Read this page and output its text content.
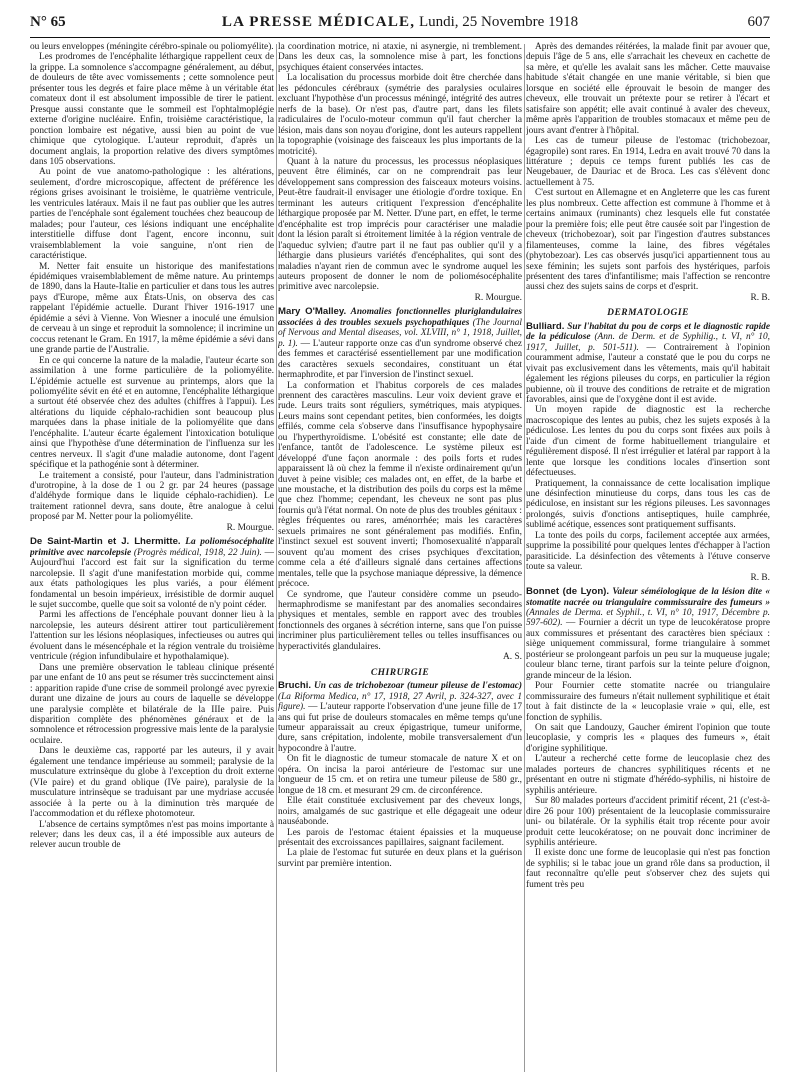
N° 65	LA PRESSE MÉDICALE, Lundi, 25 Novembre 1918	607

ou leurs enveloppes (méningite cérébro-spinale ou poliomyélite).

Les prodromes de l'encéphalite léthargique rappellent ceux de la grippe. La somnolence s'accompagne généralement, au début, de douleurs de tête avec vomissements ; cette somnolence peut présenter tous les degrés et faire place même à un véritable état comateux dont il est absolument impossible de tirer le patient. Presque aussi constante que le sommeil est l'ophtalmoplégie externe d'origine nucléaire. Enfin, troisième caractéristique, la ponction lombaire est négative, aussi bien au point de vue chimique que cytologique. L'auteur reproduit, d'après un document anglais, la proportion relative des divers symptômes dans 105 observations.

Au point de vue anatomo-pathologique : les altérations, seulement, d'ordre microscopique, affectent de préférence les régions grises avoisinant le troisième, le quatrième ventricule, les ventricules latéraux. Mais il ne faut pas oublier que les autres parties de l'encéphale sont également touchées chez beaucoup de malades; pour l'auteur, ces lésions indiquant une encéphalite interstitielle diffuse dont l'agent, encore inconnu, suit vraisemblablement la voie sanguine, n'ont rien de caractéristique.

M. Netter fait ensuite un historique des manifestations épidémiques vraisemblablement de même nature. Au printemps de 1890, dans la Haute-Italie en particulier et dans tous les autres pays d'Europe, même aux États-Unis, on observa des cas rappelant l'épidémie actuelle. Durant l'hiver 1916-1917 une épidémie a sévi à Vienne. Von Wiesner a inoculé une émulsion de cerveau à un singe et reproduit la somnolence; il incrimine un coccus retenant le Gram. En 1917, la même épidémie a sévi dans une grande partie de l'Australie.

En ce qui concerne la nature de la maladie, l'auteur écarte son assimilation à une forme particulière de la poliomyélite. L'épidémie actuelle est survenue au printemps, alors que la poliomyélite sévit en été et en automne, l'encéphalite léthargique a surtout été observée chez des adultes (chiffres à l'appui). Les altérations du liquide céphalo-rachidien sont beaucoup plus marquées dans la phase initiale de la poliomyélite que dans l'encéphalite. L'auteur écarte également l'intoxication botulique ainsi que l'hypothèse d'une détermination de l'influenza sur les centres nerveux. Il s'agit d'une maladie autonome, dont l'agent spécifique et la pathogénie sont à déterminer.

Le traitement a consisté, pour l'auteur, dans l'administration d'urotropine, à la dose de 1 ou 2 gr. par 24 heures (passage d'aldéhyde formique dans le liquide céphalo-rachidien). Le traitement rationnel devra, sans doute, être analogue à celui proposé par M. Netter pour la poliomyélite.

R. Mourgue.

De Saint-Martin et J. Lhermitte. La poliomésocéphalite primitive avec narcolepsie (Progrès médical, 1918, 22 Juin). — Aujourd'hui l'accord est fait sur la signification du terme narcolepsie. Il s'agit d'une manifestation morbide qui, comme aux états pathologiques les plus variés, a pour élément fondamental un besoin impérieux, irrésistible de dormir auquel le sujet succombe, quelle que soit sa volonté de n'y point céder.

Parmi les affections de l'encéphale pouvant donner lieu à la narcolepsie, les auteurs désirent attirer tout particulièrement l'attention sur les lésions néoplasiques, infectieuses ou autres qui évoluent dans le mésencéphale et la région ventrale du troisième ventricule (région infundibulaire et hypothalamique).

Dans une première observation le tableau clinique présenté par une enfant de 10 ans peut se résumer très succinctement ainsi : apparition rapide d'une crise de sommeil prolongé avec pyrexie durant une dizaine de jours au cours de laquelle se développe une paralysie complète et bilatérale de la IIIe paire. Puis disparition complète des phénomènes généraux et de la somnolence et rétrocession progressive mais lente de la paralysie oculaire.

Dans le deuxième cas, rapporté par les auteurs, il y avait également une tendance impérieuse au sommeil; paralysie de la musculature extrinsèque du globe à l'exception du droit externe (VIe paire) et du grand oblique (IVe paire), paralysie de la musculature intrinsèque se traduisant par une mydriase accusée associée à la perte ou à la diminution très marquée de l'accommodation et du réflexe photomoteur.

L'absence de certains symptômes n'est pas moins importante à relever; dans les deux cas, il a été impossible aux auteurs de relever aucun trouble de

la coordination motrice, ni ataxie, ni asynergie, ni tremblement. Dans les deux cas, la somnolence mise à part, les fonctions psychiques étaient conservées intactes.

La localisation du processus morbide doit être cherchée dans les pédoncules cérébraux (symétrie des paralysies oculaires excluant l'hypothèse d'un processus méningé, intégrité des autres nerfs de la base). Or n'est pas, d'autre part, dans les filets radiculaires de l'oculo-moteur commun qu'il faut chercher la lésion, mais dans son noyau d'origine, dont les auteurs rappellent la topographie (voisinage des faisceaux les plus importants de la motricité).

Quant à la nature du processus, les processus néoplasiques peuvent être éliminés, car on ne comprendrait pas leur développement sans compression des faisceaux moteurs voisins. Peut-être faudrait-il envisager une étiologie d'ordre toxique. En terminant les auteurs critiquent l'expression d'encéphalite léthargique proposée par M. Netter. D'une part, en effet, le terme d'encéphalite est trop imprécis pour caractériser une maladie dont la lésion paraît si étroitement limitée à la région ventrale de l'aqueduc sylvien; d'autre part il ne faut pas oublier qu'il y a léthargie dans plusieurs variétés d'encéphalites, qui sont des maladies n'ayant rien de commun avec le syndrome auquel les auteurs proposent de donner le nom de poliomésocéphalite primitive avec narcolepsie.

R. Mourgue.

Mary O'Malley. Anomalies fonctionnelles pluriglandulaires associées à des troubles sexuels psychopathiques (The Journal of Nervous and Mental diseases, vol. XLVIII, n° 1, 1918, Juillet, p. 1). — L'auteur rapporte onze cas d'un syndrome observé chez des femmes et caractérisé essentiellement par une modification des caractères sexuels secondaires, constituant un état hermaphrodite, et par l'inversion de l'instinct sexuel.

La conformation et l'habitus corporels de ces malades prennent des caractères masculins. Leur voix devient grave et rude. Leurs traits sont réguliers, symétriques, mais atypiques. Leurs mains sont cependant petites, bien conformées, les doigts effilés, comme cela s'observe dans l'insuffisance hypophysaire ou l'hyperthyroïdisme. L'obésité est constante; elle date de l'enfance, tantôt de l'adolescence. Le système pileux est développé d'une façon anormale : des poils forts et rudes apparaissent là où chez la femme il n'existe ordinairement qu'un duvet à peine visible; ces malades ont, en effet, de la barbe et une moustache, et la distribution des poils du corps est la même que chez l'homme; cependant, les cheveux ne sont pas plus fournis qu'à l'état normal. On note de plus des troubles génitaux : règles fréquentes ou rares, aménorrhée; mais les caractères sexuels primaires ne sont généralement pas modifiés. Enfin, l'instinct sexuel est souvent inverti; l'homosexualité n'apparaît souvent qu'au moment des crises psychiques d'excitation, comme cela a été d'ailleurs signalé dans certaines affections mentales, telle que la psychose maniaque dépressive, la démence précoce.

Ce syndrome, que l'auteur considère comme un pseudo-hermaphrodisme se manifestant par des anomalies secondaires physiques et mentales, semble en rapport avec des troubles fonctionnels des organes à sécrétion interne, sans que l'on puisse incriminer plus particulièrement telles ou telles insuffisances ou hyperactivités glandulaires.

A. S.
CHIRURGIE

Bruchi. Un cas de trichobezoar (tumeur pileuse de l'estomac) (La Riforma Medica, n° 17, 1918, 27 Avril, p. 324-327, avec 1 figure). — L'auteur rapporte l'observation d'une jeune fille de 17 ans qui fut prise de douleurs stomacales en même temps qu'une tumeur apparaissait au creux épigastrique, tumeur uniforme, dure, sans crépitation, indolente, mobile transversalement d'un hypocondre à l'autre.

On fit le diagnostic de tumeur stomacale de nature X et on opéra. On incisa la paroi antérieure de l'estomac sur une longueur de 15 cm. et on retira une tumeur pileuse de 580 gr., longue de 18 cm. et mesurant 29 cm. de circonférence.

Elle était constituée exclusivement par des cheveux longs, noirs, amalgamés de suc gastrique et elle dégageait une odeur nauséabonde.

Les parois de l'estomac étaient épaissies et la muqueuse présentait des excroissances papillaires, saignant facilement.

La plaie de l'estomac fut suturée en deux plans et la guérison survint par première intention.

Après des demandes réitérées, la malade finit par avouer que, depuis l'âge de 5 ans, elle s'arrachait les cheveux en cachette de sa mère, et qu'elle les avalait sans les mâcher. Cette mauvaise habitude s'était changée en une manie véritable, si bien que lorsque en société elle éprouvait le besoin de manger des cheveux, elle trouvait un prétexte pour se retirer à l'écart et satisfaire son appétit; elle avait continué à avaler des cheveux, même après l'apparition de troubles stomacaux et même peu de jours avant d'entrer à l'hôpital.

Les cas de tumeur pileuse de l'estomac (trichobezoar, égagropile) sont rares. En 1914, Ledra en avait trouvé 70 dans la littérature ; depuis ce temps furent publiés les cas de Neugebauer, de Dauriac et de Broca. Les cas s'élèvent donc actuellement à 75.

C'est surtout en Allemagne et en Angleterre que les cas furent les plus nombreux. Cette affection est commune à l'homme et à certains animaux (ruminants) chez lesquels elle fut constatée pour la première fois; elle peut être causée soit par l'ingestion de cheveux (trichobezoar), soit par l'ingestion d'autres substances filamenteuses, comme la laine, des fibres végétales (phytobezoar). Les cas observés jusqu'ici appartiennent tous au sexe féminin; les sujets sont parfois des hystériques, parfois présentent des tares d'infantilisme; mais l'affection se rencontre aussi chez des sujets sains de corps et d'esprit.

R. B.
DERMATOLOGIE

Bulliard. Sur l'habitat du pou de corps et le diagnostic rapide de la pédiculose (Ann. de Derm. et de Syphilig., t. VI, n° 10, 1917, Juillet, p. 501-511). — Contrairement à l'opinion couramment admise, l'auteur a constaté que le pou du corps ne vivait pas exclusivement dans les vêtements, mais qu'il habitait également les régions pileuses du corps, en particulier la région pubienne, où il trouve des conditions de retraite et de migration favorables, ainsi que de l'oxygène dont il est avide.

Un moyen rapide de diagnostic est la recherche macroscopique des lentes au pubis, chez les sujets exposés à la pédiculose. Les lentes du pou du corps sont fixées aux poils à l'aide d'un ciment de forme habituellement triangulaire et régulièrement disposé. Il n'est irrégulier et latéral par rapport à la lente que lorsque les conditions locales d'insertion sont défectueuses.

Pratiquement, la connaissance de cette localisation implique une désinfection minutieuse du corps, dans tous les cas de pédiculose, en insistant sur les régions pileuses. Les savonnages prolongés, suivis d'onctions antiseptiques, huile camphrée, sublimé acétique, essences sont pratiquement suffisants.

La tonte des poils du corps, facilement acceptée aux armées, supprime la possibilité pour quelques lentes d'échapper à l'action parasiticide. La désinfection des vêtements à l'étuve conserve toute sa valeur.

R. B.

Bonnet (de Lyon). Valeur séméiologique de la lésion dite « stomatite nacrée ou triangulaire commissuraire des fumeurs » (Annales de Derma. et Syphil., t. VI, n° 10, 1917, Décembre p. 597-602). — Fournier a décrit un type de leucokératose propre aux commissures et présentant des caractères bien spéciaux : siège uniquement commissural, forme triangulaire à sommet postérieur se prolongeant parfois un peu sur la muqueuse jugale; couleur blanc terne, tirant parfois sur la teinte pelure d'oignon, grande minceur de la lésion.

Pour Fournier cette stomatite nacrée ou triangulaire commissuraire des fumeurs n'était nullement syphilitique et était tout à fait distincte de la « leucoplasie vraie » qui, elle, est fonction de syphilis.

On sait que Landouzy, Gaucher émirent l'opinion que toute leucoplasie, y compris les « plaques des fumeurs », était d'origine syphilitique.

L'auteur a recherché cette forme de leucoplasie chez des malades porteurs de chancres syphilitiques récents et ne présentant en outre ni stigmate d'hérédo-syphilis, ni histoire de syphilis antérieure.

Sur 80 malades porteurs d'accident primitif récent, 21 (c'est-à-dire 26 pour 100) présentaient de la leucoplasie commissuraire uni- ou bilatérale. Or la syphilis était trop récente pour avoir produit cette leucokératose; on ne pouvait donc incriminer de syphilis antérieure.

Il existe donc une forme de leucoplasie qui n'est pas fonction de syphilis; si le tabac joue un grand rôle dans sa production, il faut reconnaître qu'elle peut s'observer chez des sujets qui fument très peu
